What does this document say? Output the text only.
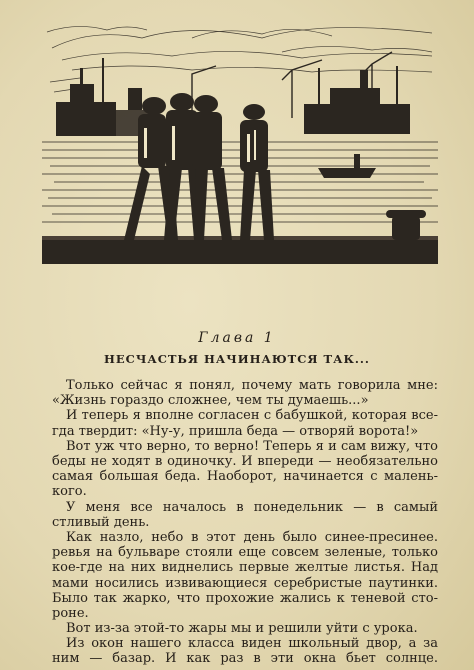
Глава 1
НЕСЧАСТЬЯ НАЧИНАЮТСЯ ТАК...
Только сейчас я понял, почему мать говорила мне:
«Жизнь гораздо сложнее, чем ты думаешь...»
И теперь я вполне согласен с бабушкой, которая все-
гда твердит: «Ну-у, пришла беда — отворяй ворота!»
Вот уж что верно, то верно! Теперь я и сам вижу, что
беды не ходят в одиночку. И впереди — необязательно
самая большая беда. Наоборот, начинается с малень-
кого.
У меня все началось в понедельник — в самый
стливый день.
Как назло, небо в этот день было синее-пресинее.
ревья на бульваре стояли еще совсем зеленые, только
кое-где на них виднелись первые желтые листья. Над
мами носились извивающиеся серебристые паутинки.
Было так жарко, что прохожие жались к теневой сто-
роне.
Вот из-за этой-то жары мы и решили уйти с урока.
Из окон нашего класса виден школьный двор, а за
ним — базар. И как раз в эти окна бьет солнце.
